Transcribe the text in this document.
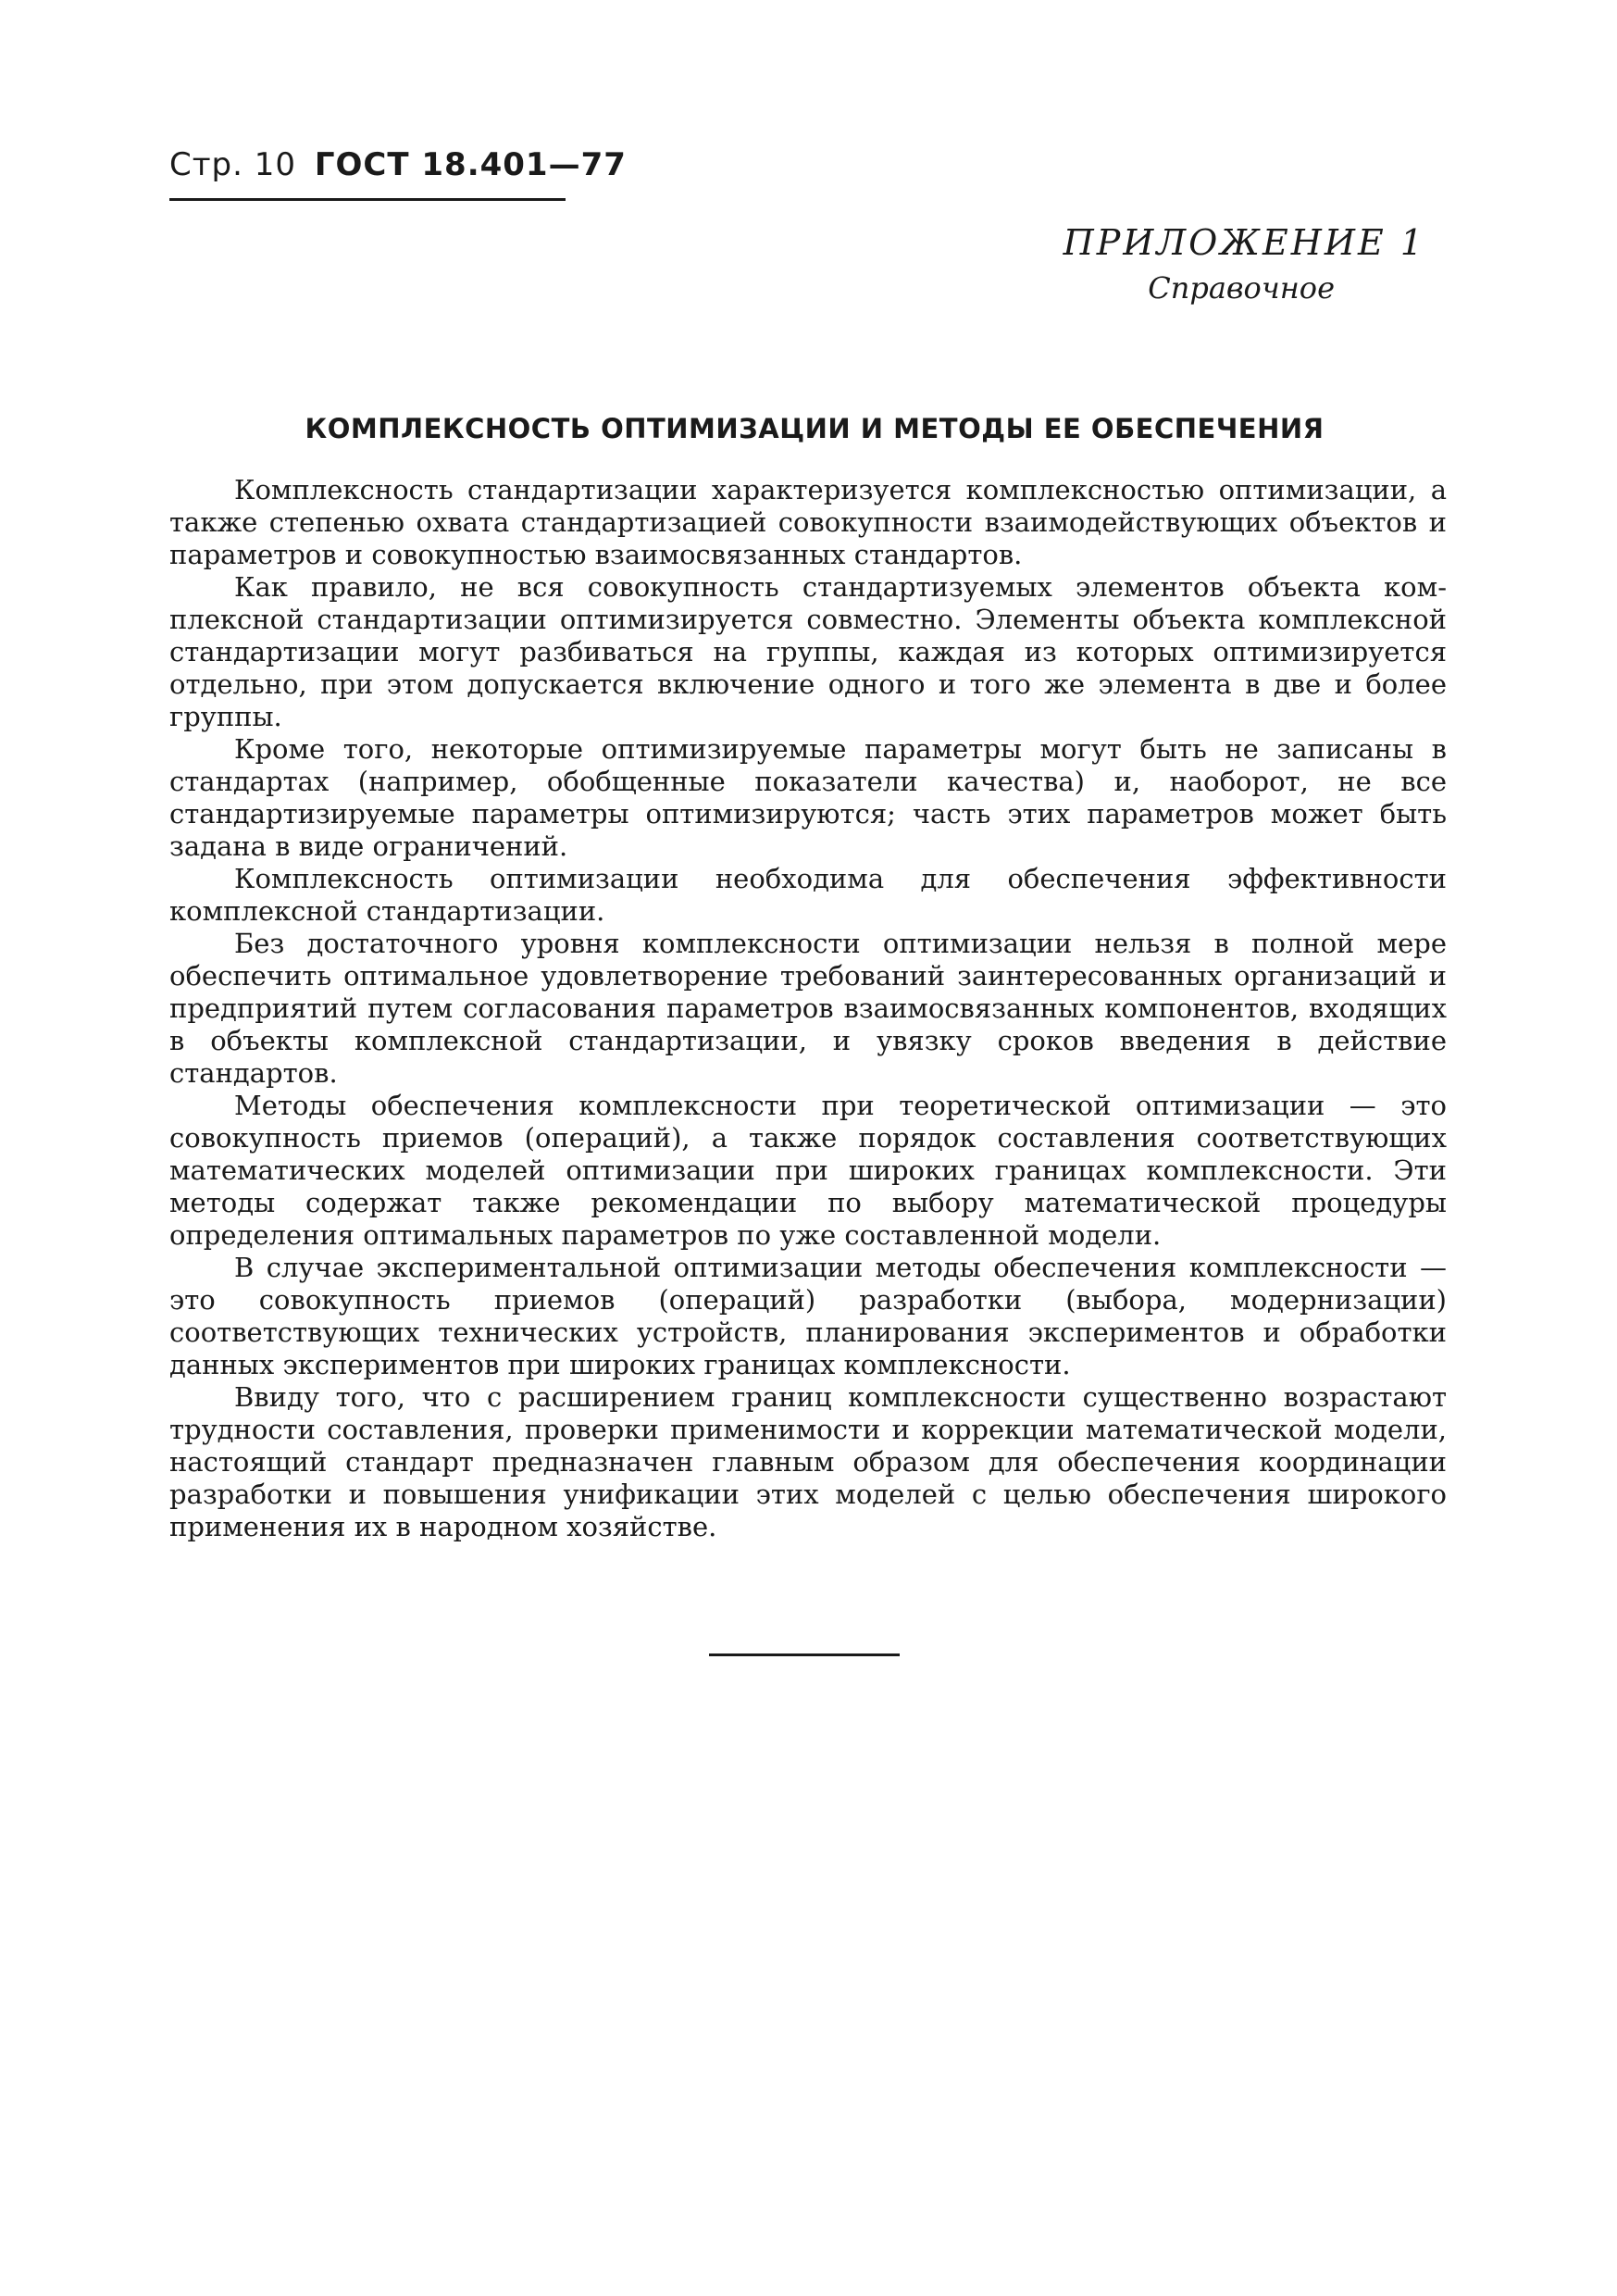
Стр. 10 ГОСТ 18.401—77
ПРИЛОЖЕНИЕ 1
Справочное
КОМПЛЕКСНОСТЬ ОПТИМИЗАЦИИ И МЕТОДЫ ЕЕ ОБЕСПЕЧЕНИЯ

Комплексность стандартизации характеризуется комплексностью оптимизации, а также степенью охвата стандартизацией совокупности взаимодействующих объектов и параметров и совокупностью взаимосвязанных стандартов.

Как правило, не вся совокупность стандартизуемых элементов объекта комплексной стандартизации оптимизируется совместно. Элементы объекта комплексной стандартизации могут разбиваться на группы, каждая из которых оптимизируется отдельно, при этом допускается включение одного и того же элемента в две и более группы.

Кроме того, некоторые оптимизируемые параметры могут быть не записаны в стандартах (например, обобщенные показатели качества) и, наоборот, не все стандартизируемые параметры оптимизируются; часть этих параметров может быть задана в виде ограничений.

Комплексность оптимизации необходима для обеспечения эффективности комплексной стандартизации.

Без достаточного уровня комплексности оптимизации нельзя в полной мере обеспечить оптимальное удовлетворение требований заинтересованных организаций и предприятий путем согласования параметров взаимосвязанных компонентов, входящих в объекты комплексной стандартизации, и увязку сроков введения в действие стандартов.

Методы обеспечения комплексности при теоретической оптимизации — это совокупность приемов (операций), а также порядок составления соответствующих математических моделей оптимизации при широких границах комплексности. Эти методы содержат также рекомендации по выбору математической процедуры определения оптимальных параметров по уже составленной модели.

В случае экспериментальной оптимизации методы обеспечения комплексности — это совокупность приемов (операций) разработки (выбора, модернизации) соответствующих технических устройств, планирования экспериментов и обработки данных экспериментов при широких границах комплексности.

Ввиду того, что с расширением границ комплексности существенно возрастают трудности составления, проверки применимости и коррекции математической модели, настоящий стандарт предназначен главным образом для обеспечения координации разработки и повышения унификации этих моделей с целью обеспечения широкого применения их в народном хозяйстве.
